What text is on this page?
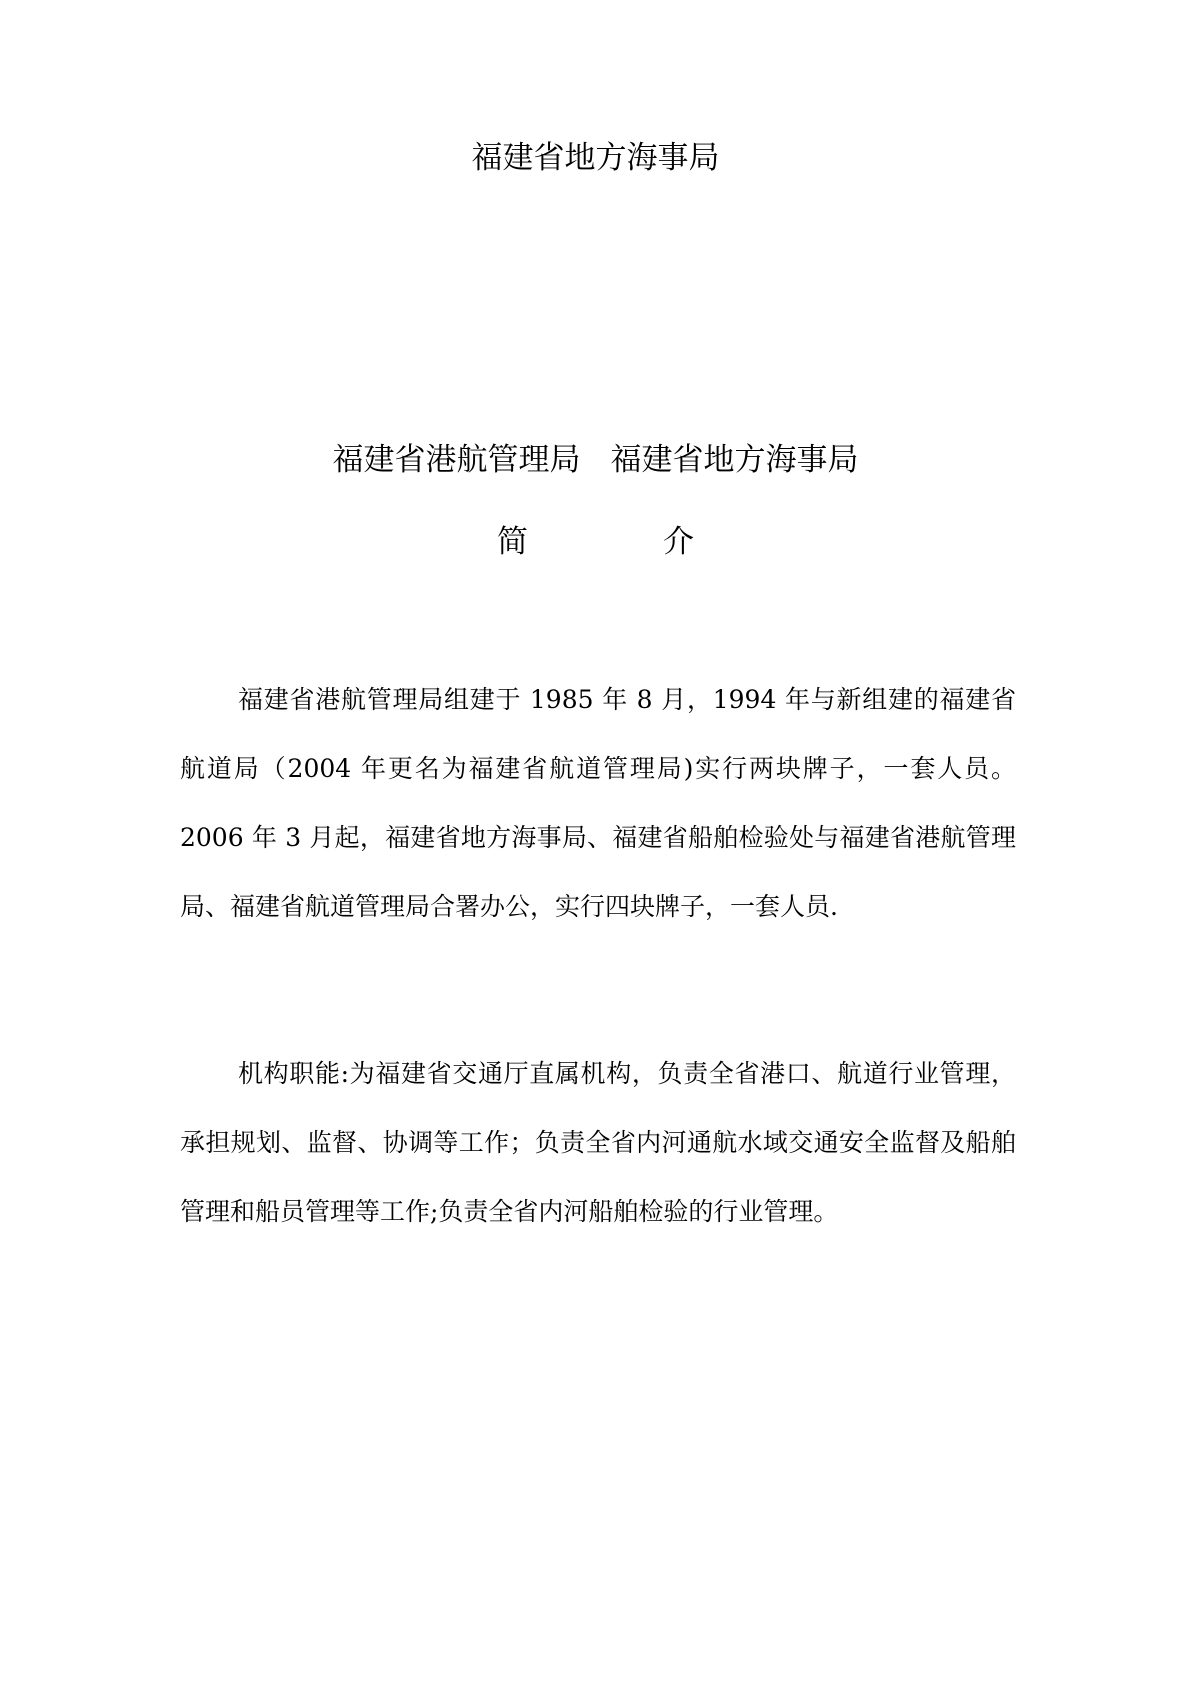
福建省地方海事局
福建省港航管理局 福建省地方海事局
简	介

福建省港航管理局组建于 1985 年 8 月，1994 年与新组建的福建省航道局（2004 年更名为福建省航道管理局)实行两块牌子，一套人员。2006 年 3 月起，福建省地方海事局、福建省船舶检验处与福建省港航管理局、福建省航道管理局合署办公，实行四块牌子，一套人员.

机构职能:为福建省交通厅直属机构，负责全省港口、航道行业管理，承担规划、监督、协调等工作；负责全省内河通航水域交通安全监督及船舶管理和船员管理等工作;负责全省内河船舶检验的行业管理。
